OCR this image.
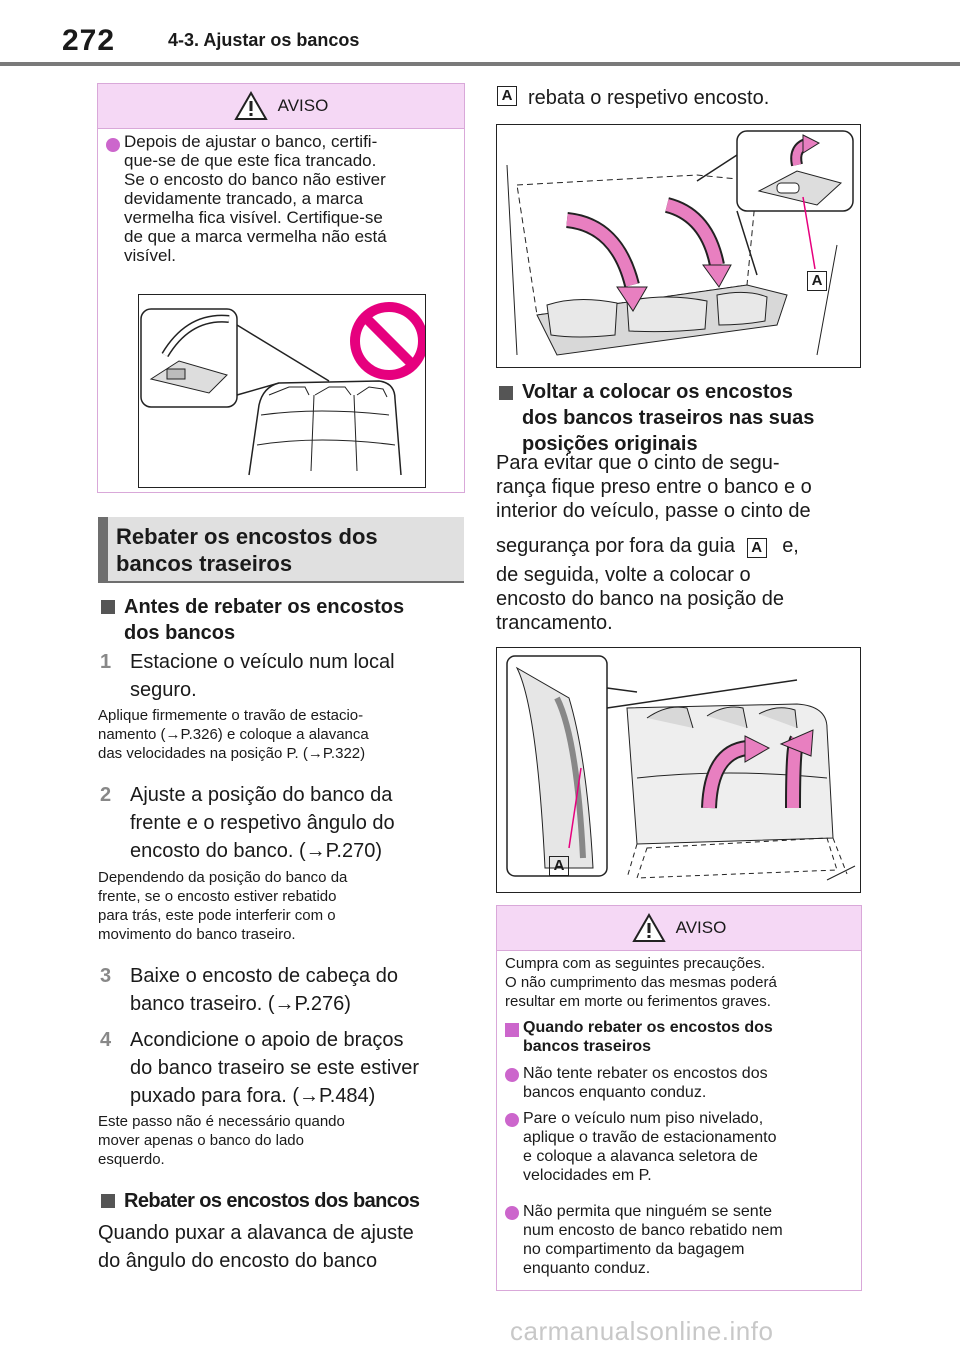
272	4-3. Ajustar os bancos
AVISO
Depois de ajustar o banco, certifi-
que-se de que este fica trancado.
Se o encosto do banco não estiver
devidamente trancado, a marca
vermelha fica visível. Certifique-se
de que a marca vermelha não está
visível.
Rebater os encostos dos
bancos traseiros
Antes de rebater os encostos
dos bancos
1 Estacione o veículo num local
seguro.
Aplique firmemente o travão de estacio-
namento (→P.326) e coloque a alavanca
das velocidades na posição P. (→P.322)
2 Ajuste a posição do banco da
frente e o respetivo ângulo do
encosto do banco. (→P.270)
Dependendo da posição do banco da
frente, se o encosto estiver rebatido
para trás, este pode interferir com o
movimento do banco traseiro.
3 Baixe o encosto de cabeça do
banco traseiro. (→P.276)
4 Acondicione o apoio de braços
do banco traseiro se este estiver
puxado para fora. (→P.484)
Este passo não é necessário quando
mover apenas o banco do lado
esquerdo.
Rebater os encostos dos bancos
Quando puxar a alavanca de ajuste
do ângulo do encosto do banco
A rebata o respetivo encosto.
A
Voltar a colocar os encostos
dos bancos traseiros nas suas
posições originais
Para evitar que o cinto de segu-
rança fique preso entre o banco e o
interior do veículo, passe o cinto de
segurança por fora da guia A e,
de seguida, volte a colocar o
encosto do banco na posição de
trancamento.
A
AVISO
Cumpra com as seguintes precauções.
O não cumprimento das mesmas poderá
resultar em morte ou ferimentos graves.
Quando rebater os encostos dos
bancos traseiros
Não tente rebater os encostos dos
bancos enquanto conduz.
Pare o veículo num piso nivelado,
aplique o travão de estacionamento
e coloque a alavanca seletora de
velocidades em P.
Não permita que ninguém se sente
num encosto de banco rebatido nem
no compartimento da bagagem
enquanto conduz.
carmanualsonline.info
